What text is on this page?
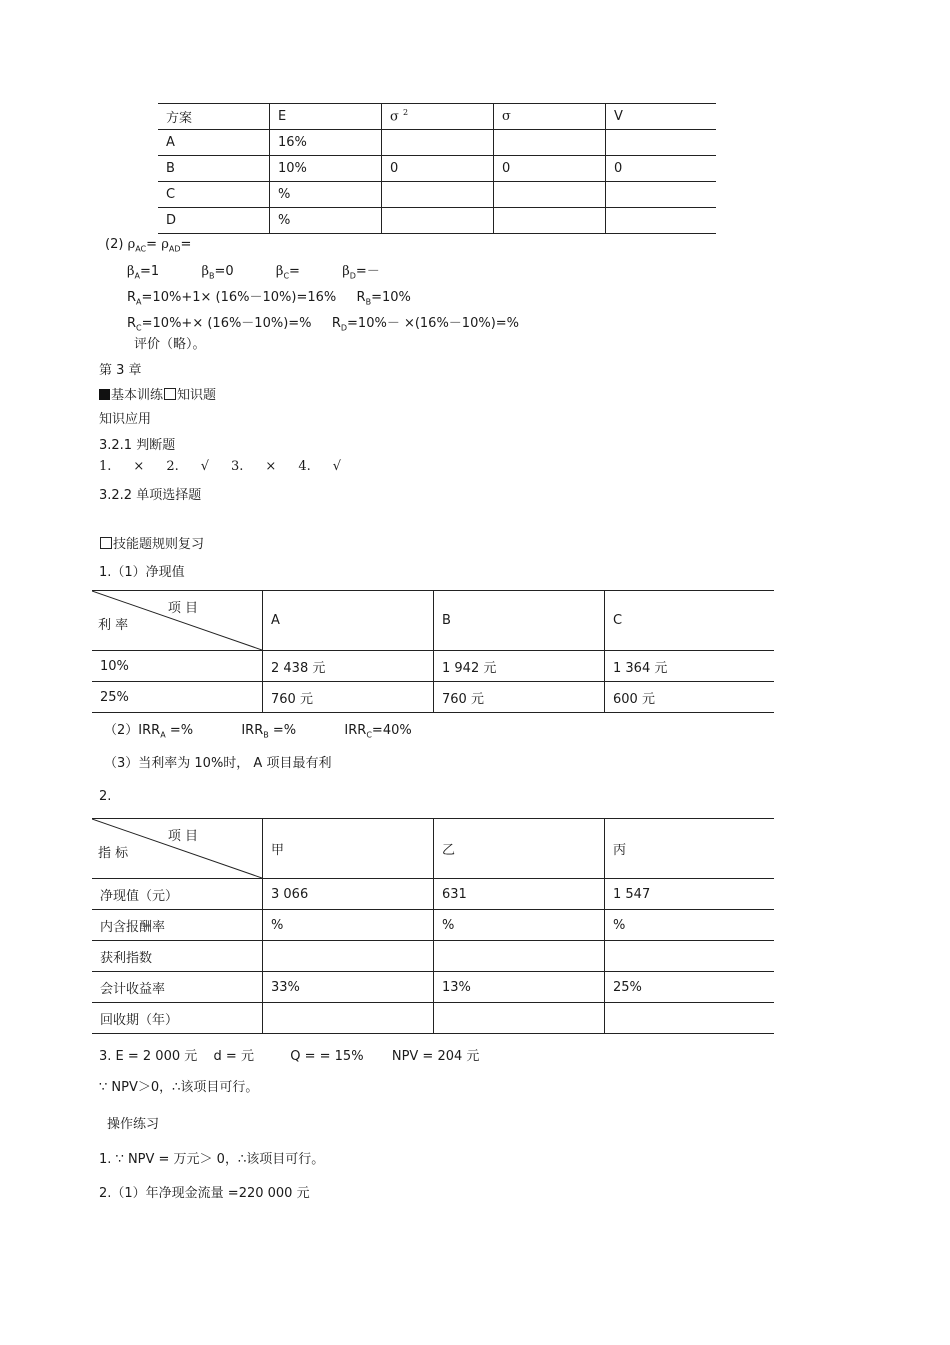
方案	E	σ $^2$	σ	V
A	16%			
B	10%	0	0	0
C	%			
D	%			
(2) $\rho_{AC}= \rho_{AD}=$
$\beta_A=1$	$\beta_B=0$	$\beta_C=$	$\beta_D=-$
$R_A=10\%+1\times (16\%-10\%)=16\%$ $R_B=10\%$
$R_C=10\%+\times (16\%-10\%)=\%$ $R_D=10\%- \times(16\%-10\%)=\%$
评价（略）。
第 3 章
基本训练 知识题
知识应用
3.2.1 判断题
1. × 2. √ 3. × 4. √
3.2.2 单项选择题
技能题规则复习
1.（1）净现值
项 目
利 率	A	B	C
10%	2 438 元	1 942 元	1 364 元
25%	760 元	760 元	600 元
$(2)IRR_A$ =%	$IRR_B$ =%	$IRR_C=40\%$
（3）当利率为 10%时， A 项目最有利
2.
项 目
指 标	甲	乙	丙
净现值（元）	3 066	631	1 547
内含报酬率	%	%	%
获利指数			
会计收益率	33%	13%	25%
回收期（年）			
3. E = 2 000 元 d = 元	Q = = 15% NPV = 204 元
∵ NPV＞0，∴该项目可行。
操作练习
1. ∵ NPV = 万元＞ 0，∴该项目可行。
2.（1）年净现金流量 =220 000 元
